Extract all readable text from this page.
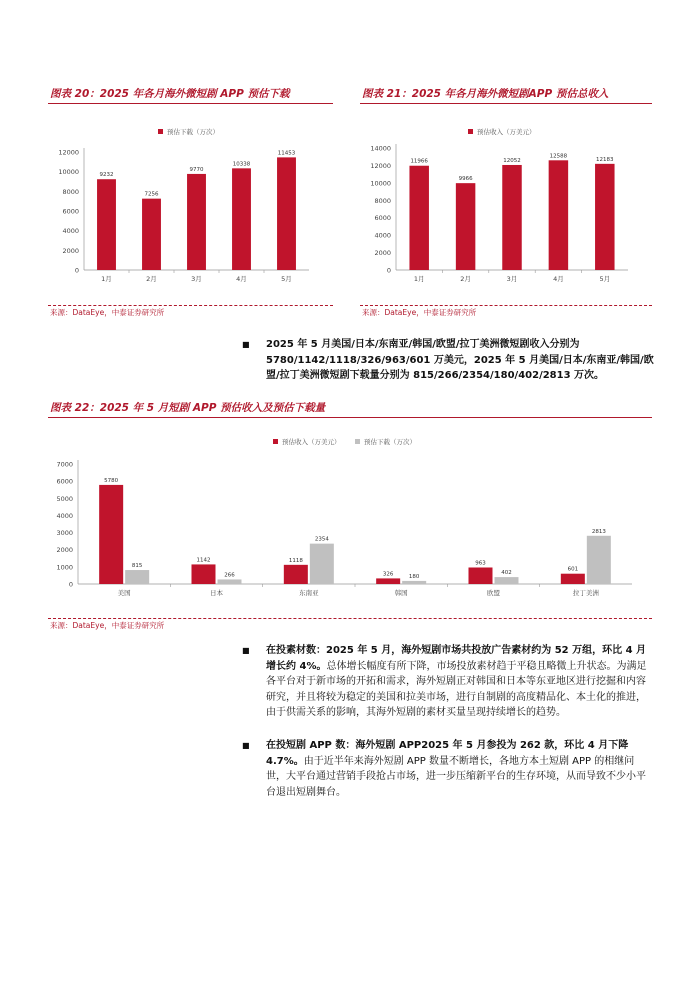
图表 20：2025 年各月海外微短剧 APP 预估下载
预估下载（万次）
0
2000
4000
6000
8000
10000
12000
9232
1月
7256
2月
9770
3月
10338
4月
11453
5月
来源：DataEye，中泰证券研究所
图表 21：2025 年各月海外微短剧APP 预估总收入
预估收入（万美元）
0
2000
4000
6000
8000
10000
12000
14000
11966
1月
9966
2月
12052
3月
12588
4月
12183
5月
来源：DataEye，中泰证券研究所
■ 2025 年 5 月美国/日本/东南亚/韩国/欧盟/拉丁美洲微短剧收入分别为 5780/1142/1118/326/963/601 万美元，2025 年 5 月美国/日本/东南亚/韩国/欧盟/拉丁美洲微短剧下载量分别为 815/266/2354/180/402/2813 万次。
图表 22：2025 年 5 月短剧 APP 预估收入及预估下载量
预估收入（万美元）	预估下载（万次）
0
1000
2000
3000
4000
5000
6000
7000
5780
815
美国
1142
266
日本
1118
2354
东南亚
326	180
韩国
963
402
欧盟
601
2813
拉丁美洲
来源：DataEye，中泰证券研究所
■ 在投素材数：2025 年 5 月，海外短剧市场共投放广告素材约为 52 万组，环比 4 月增长约 4%。总体增长幅度有所下降，市场投放素材趋于平稳且略微上升状态。为满足各平台对于新市场的开拓和需求，海外短剧正对韩国和日本等东亚地区进行挖掘和内容研究，并且将较为稳定的美国和拉美市场，进行自制剧的高度精品化、本土化的推进，由于供需关系的影响，其海外短剧的素材买量呈现持续增长的趋势。
■ 在投短剧 APP 数：海外短剧 APP2025 年 5 月参投为 262 款，环比 4 月下降 4.7%。由于近半年来海外短剧 APP 数量不断增长，各地方本土短剧 APP 的相继问世，大平台通过营销手段抢占市场，进一步压缩新平台的生存环境，从而导致不少小平台退出短剧舞台。
